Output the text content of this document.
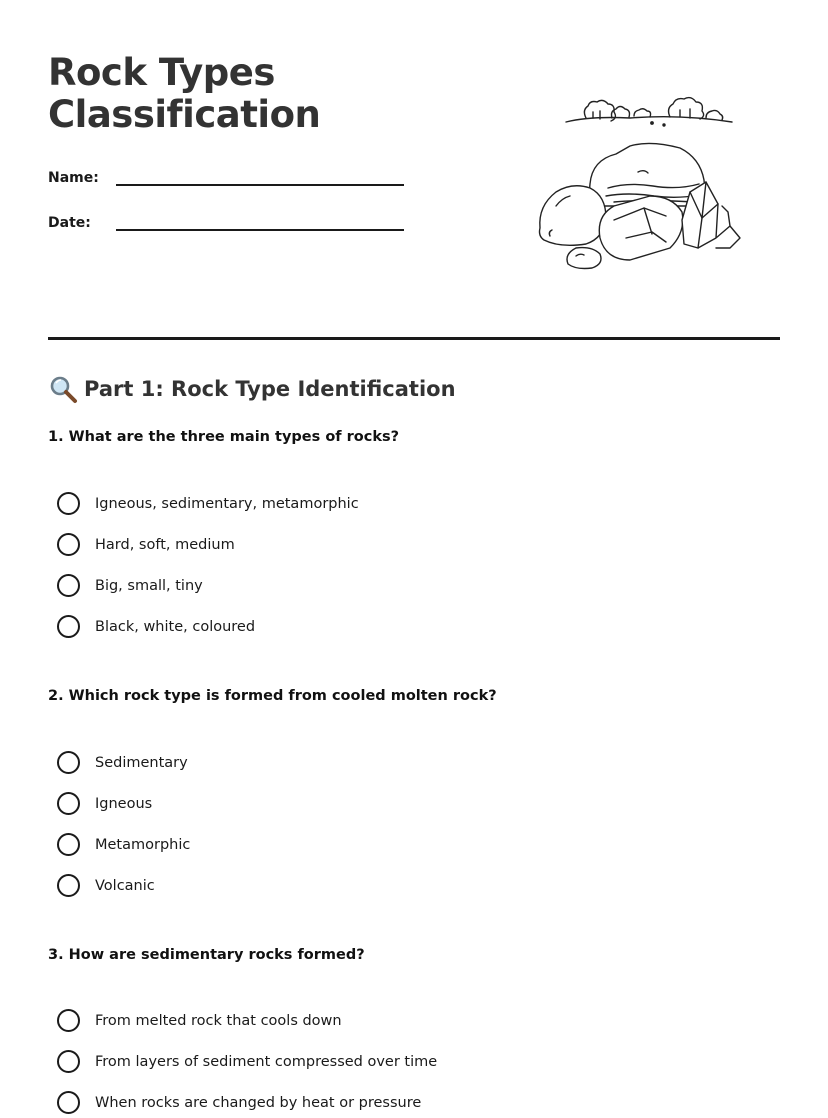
Rock Types
Classification
Name:
Date:
Part 1: Rock Type Identification
1. What are the three main types of rocks?
Igneous, sedimentary, metamorphic
Hard, soft, medium
Big, small, tiny
Black, white, coloured
2. Which rock type is formed from cooled molten rock?
Sedimentary
Igneous
Metamorphic
Volcanic
3. How are sedimentary rocks formed?
From melted rock that cools down
From layers of sediment compressed over time
When rocks are changed by heat or pressure
